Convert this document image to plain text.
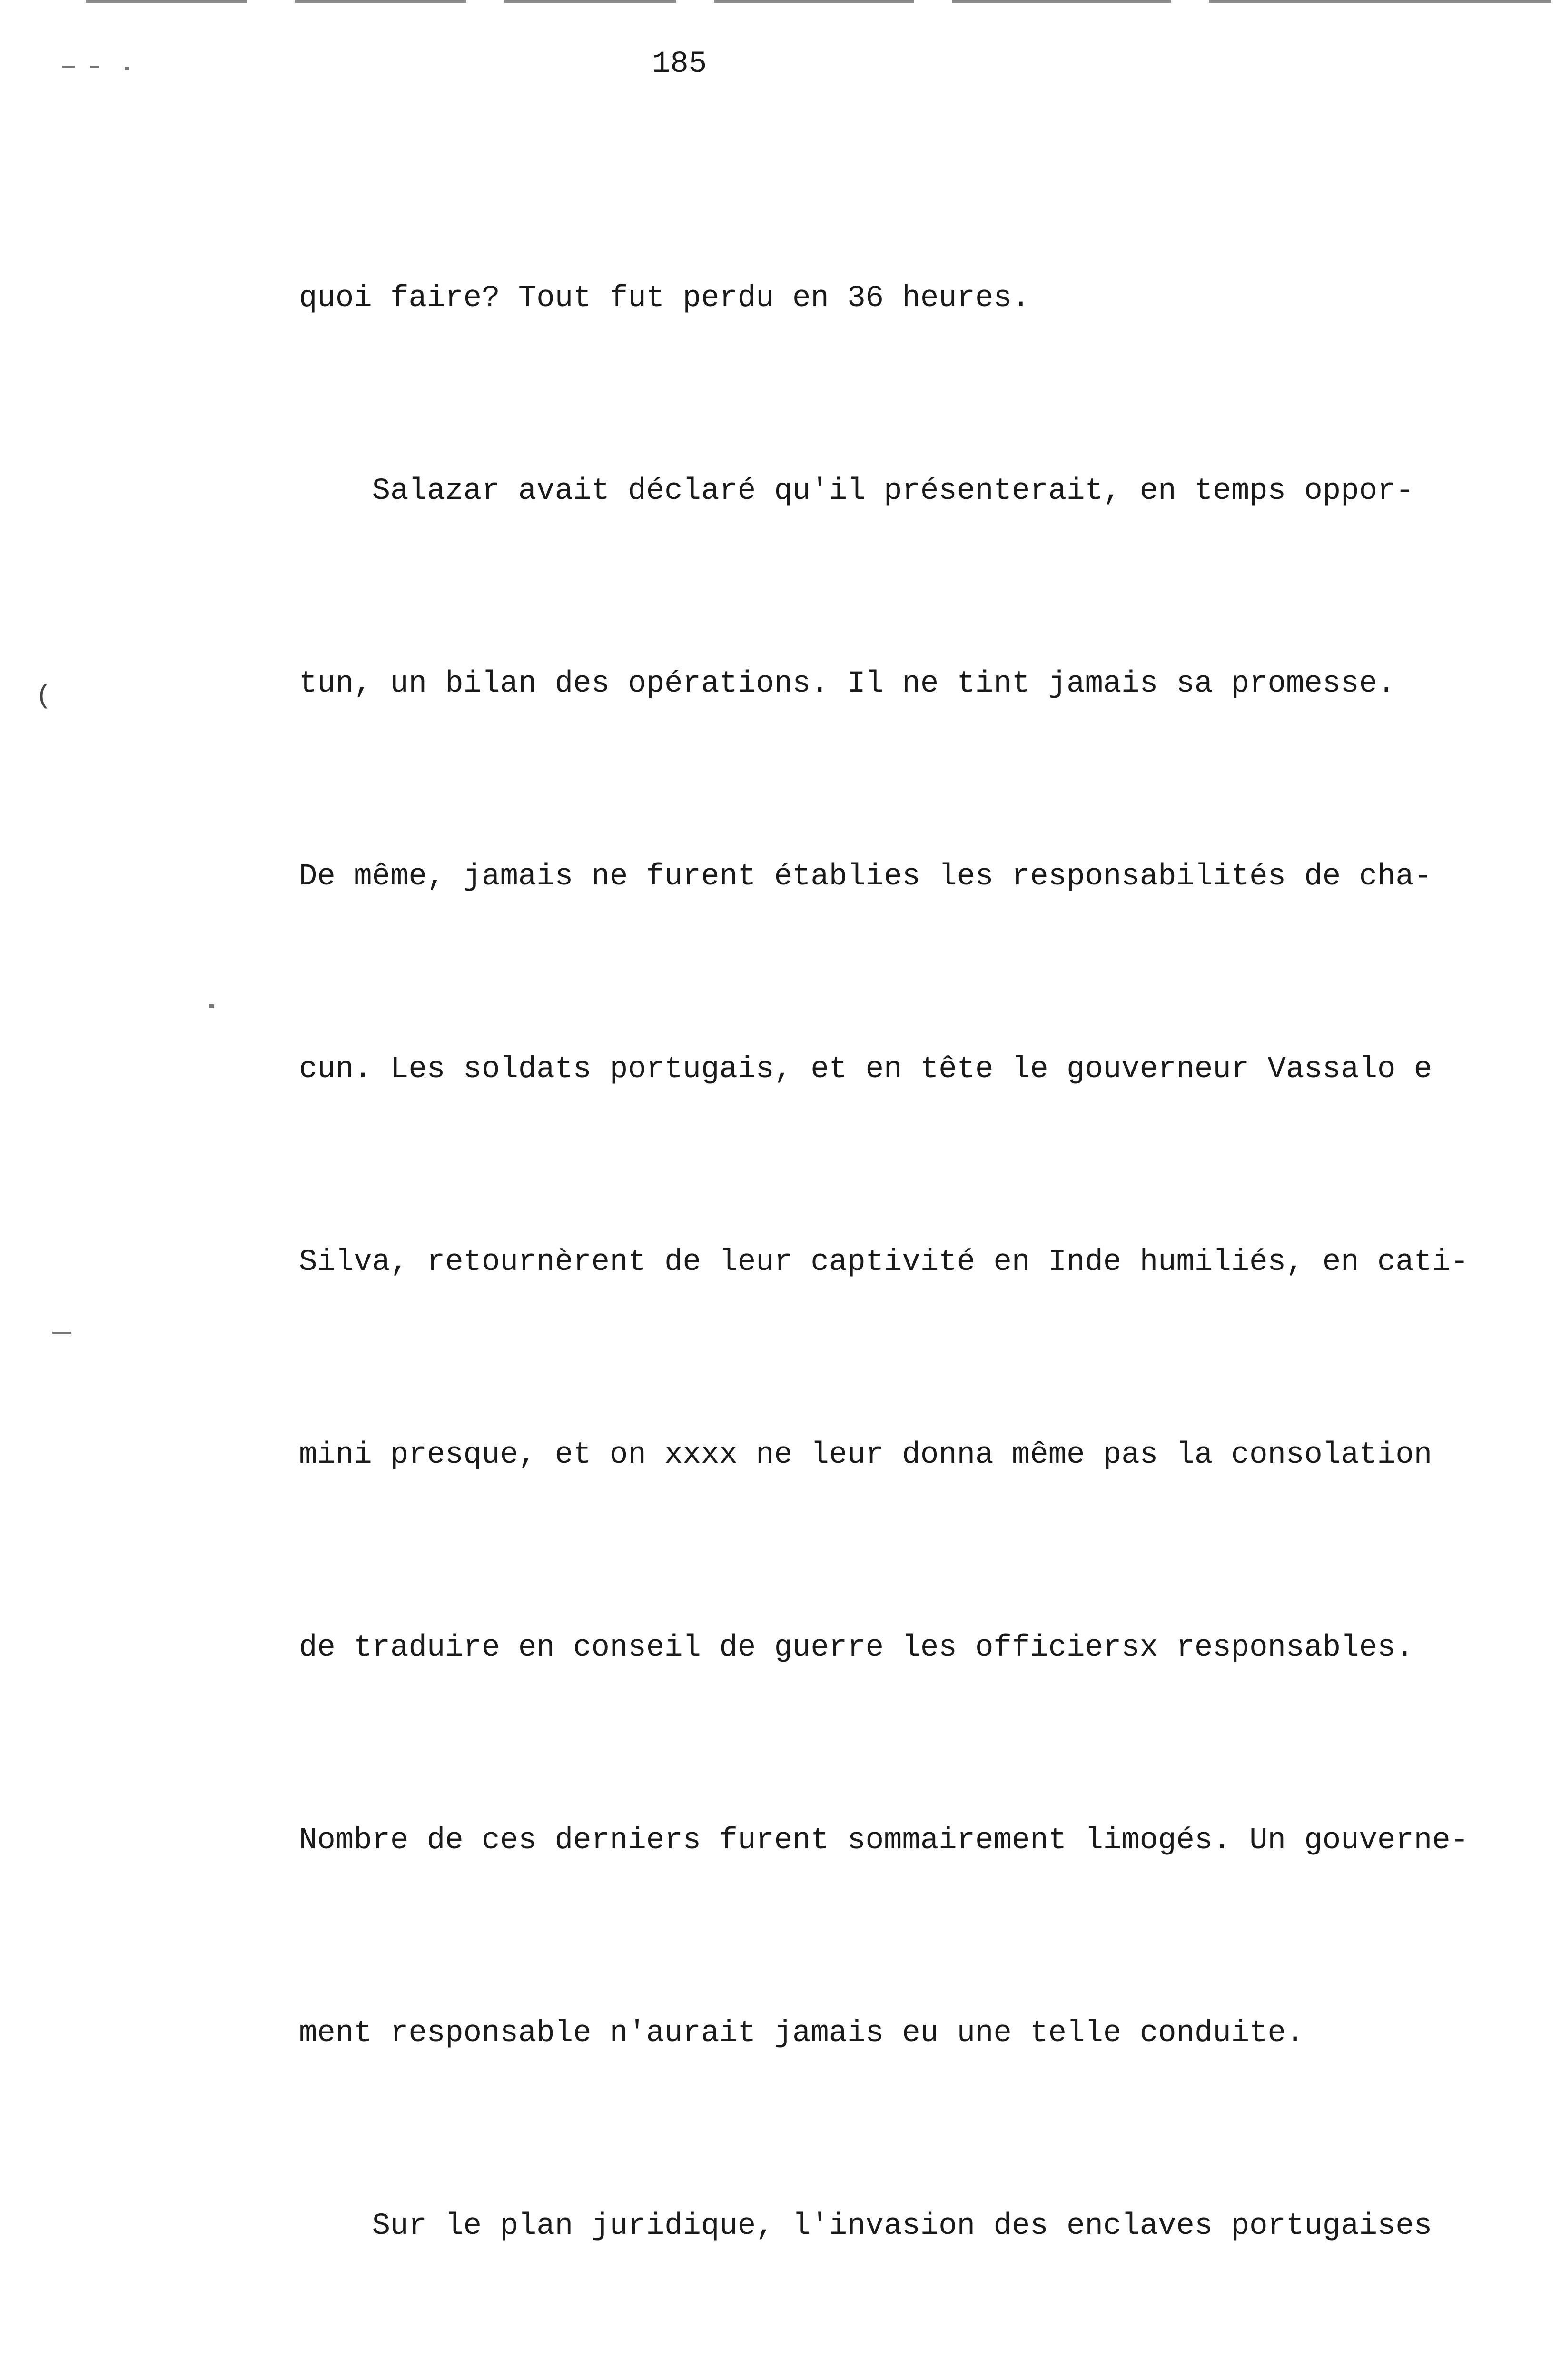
(
185

quoi faire? Tout fut perdu en 36 heures.

Salazar avait déclaré qu'il présenterait, en temps oppor-

tun, un bilan des opérations. Il ne tint jamais sa promesse.

De même, jamais ne furent établies les responsabilités de cha-

cun. Les soldats portugais, et en tête le gouverneur Vassalo e

Silva, retournèrent de leur captivité en Inde humiliés, en cati-

mini presque, et on xxxx ne leur donna même pas la consolation

de traduire en conseil de guerre les officiersx responsables.

Nombre de ces derniers furent sommairement limogés. Un gouverne-

ment responsable n'aurait jamais eu une telle conduite.

Sur le plan juridique, l'invasion des enclaves portugaises
